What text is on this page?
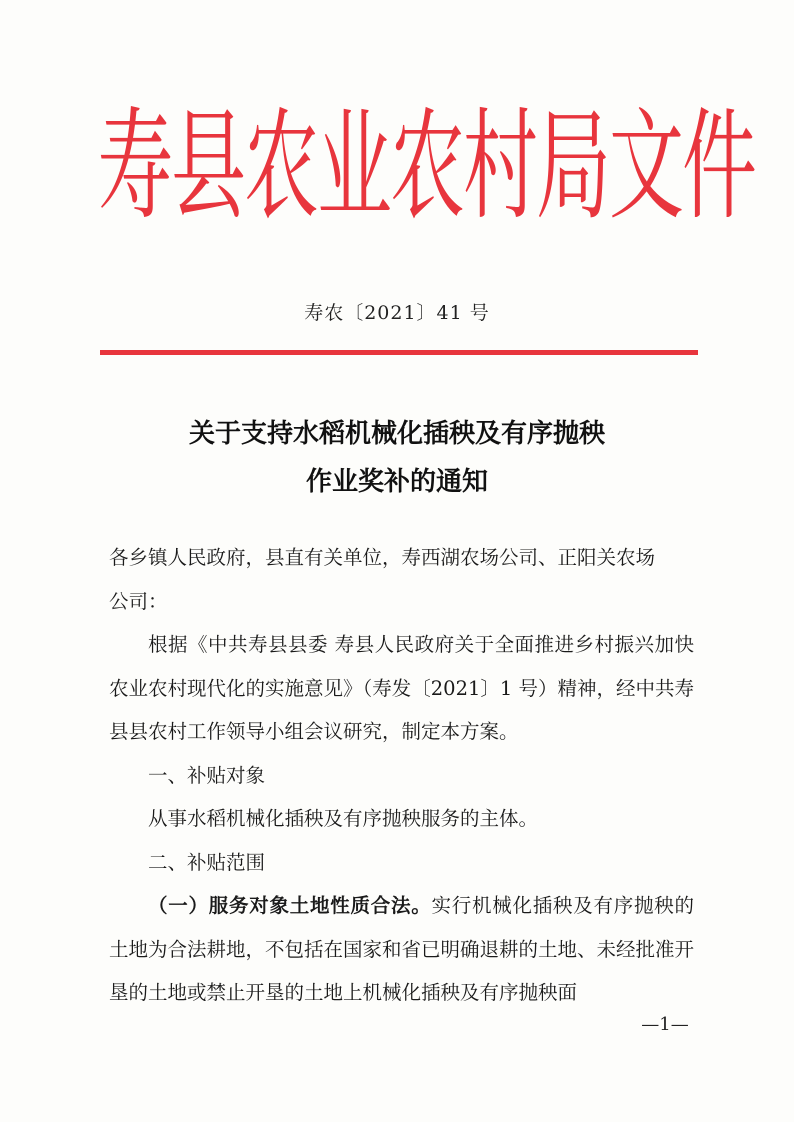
寿县农业农村局文件
寿农〔2021〕41 号
关于支持水稻机械化插秧及有序抛秧
作业奖补的通知

各乡镇人民政府，县直有关单位，寿西湖农场公司、正阳关农场

公司：

根据《中共寿县县委 寿县人民政府关于全面推进乡村振兴加快农业农村现代化的实施意见》（寿发〔2021〕1 号）精神，经中共寿县县农村工作领导小组会议研究，制定本方案。

一、补贴对象

从事水稻机械化插秧及有序抛秧服务的主体。

二、补贴范围

（一）服务对象土地性质合法。实行机械化插秧及有序抛秧的土地为合法耕地，不包括在国家和省已明确退耕的土地、未经批准开垦的土地或禁止开垦的土地上机械化插秧及有序抛秧面

—1—
